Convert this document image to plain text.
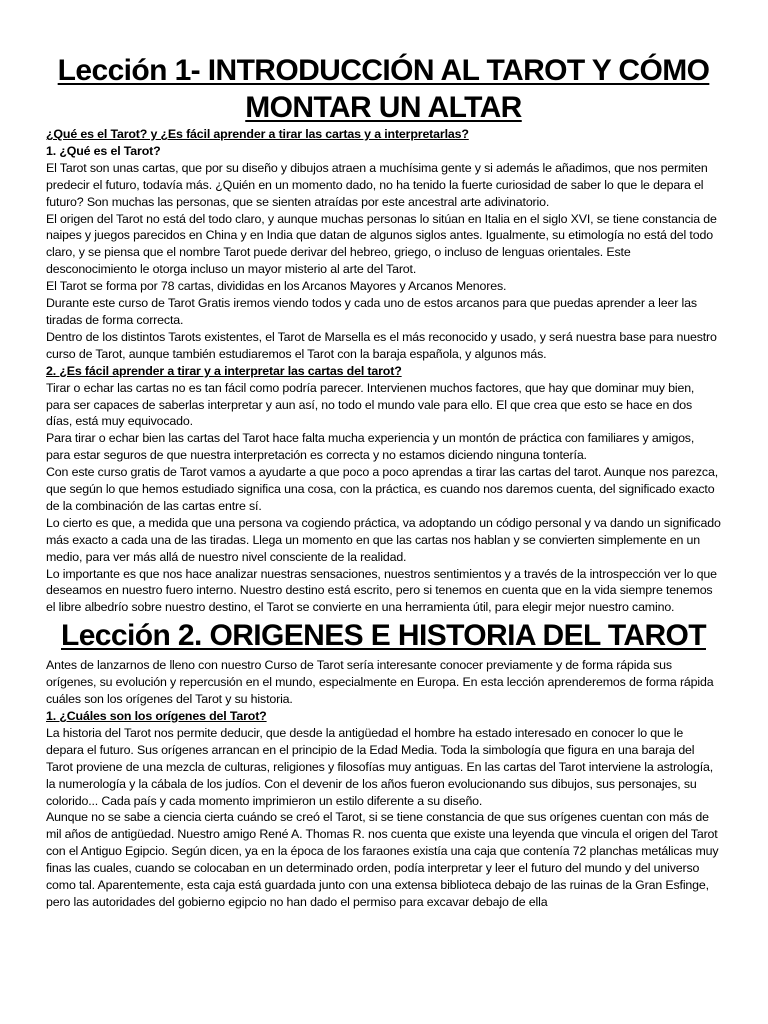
Lección 1- INTRODUCCIÓN AL TAROT Y CÓMO
MONTAR UN ALTAR

¿Qué es el Tarot? y ¿Es fácil aprender a tirar las cartas y a interpretarlas?

1. ¿Qué es el Tarot?

El Tarot son unas cartas, que por su diseño y dibujos atraen a muchísima gente y si además le añadimos, que nos permiten predecir el futuro, todavía más. ¿Quién en un momento dado, no ha tenido la fuerte curiosidad de saber lo que le depara el futuro? Son muchas las personas, que se sienten atraídas por este ancestral arte adivinatorio.

El origen del Tarot no está del todo claro, y aunque muchas personas lo sitúan en Italia en el siglo XVI, se tiene constancia de naipes y juegos parecidos en China y en India que datan de algunos siglos antes. Igualmente, su etimología no está del todo claro, y se piensa que el nombre Tarot puede derivar del hebreo, griego, o incluso de lenguas orientales. Este desconocimiento le otorga incluso un mayor misterio al arte del Tarot.

El Tarot se forma por 78 cartas, divididas en los Arcanos Mayores y Arcanos Menores.

Durante este curso de Tarot Gratis iremos viendo todos y cada uno de estos arcanos para que puedas aprender a leer las tiradas de forma correcta.

Dentro de los distintos Tarots existentes, el Tarot de Marsella es el más reconocido y usado, y será nuestra base para nuestro curso de Tarot, aunque también estudiaremos el Tarot con la baraja española, y algunos más.

2. ¿Es fácil aprender a tirar y a interpretar las cartas del tarot?

Tirar o echar las cartas no es tan fácil como podría parecer. Intervienen muchos factores, que hay que dominar muy bien, para ser capaces de saberlas interpretar y aun así, no todo el mundo vale para ello. El que crea que esto se hace en dos días, está muy equivocado.

Para tirar o echar bien las cartas del Tarot hace falta mucha experiencia y un montón de práctica con familiares y amigos, para estar seguros de que nuestra interpretación es correcta y no estamos diciendo ninguna tontería.

Con este curso gratis de Tarot vamos a ayudarte a que poco a poco aprendas a tirar las cartas del tarot. Aunque nos parezca, que según lo que hemos estudiado significa una cosa, con la práctica, es cuando nos daremos cuenta, del significado exacto de la combinación de las cartas entre sí.

Lo cierto es que, a medida que una persona va cogiendo práctica, va adoptando un código personal y va dando un significado más exacto a cada una de las tiradas. Llega un momento en que las cartas nos hablan y se convierten simplemente en un medio, para ver más allá de nuestro nivel consciente de la realidad.

Lo importante es que nos hace analizar nuestras sensaciones, nuestros sentimientos y a través de la introspección ver lo que deseamos en nuestro fuero interno. Nuestro destino está escrito, pero si tenemos en cuenta que en la vida siempre tenemos el libre albedrío sobre nuestro destino, el Tarot se convierte en una herramienta útil, para elegir mejor nuestro camino.

Lección 2. ORIGENES E HISTORIA DEL TAROT

Antes de lanzarnos de lleno con nuestro Curso de Tarot sería interesante conocer previamente y de forma rápida sus orígenes, su evolución y repercusión en el mundo, especialmente en Europa. En esta lección aprenderemos de forma rápida cuáles son los orígenes del Tarot y su historia.

1. ¿Cuáles son los orígenes del Tarot?

La historia del Tarot nos permite deducir, que desde la antigüedad el hombre ha estado interesado en conocer lo que le depara el futuro. Sus orígenes arrancan en el principio de la Edad Media. Toda la simbología que figura en una baraja del Tarot proviene de una mezcla de culturas, religiones y filosofías muy antiguas. En las cartas del Tarot interviene la astrología, la numerología y la cábala de los judíos. Con el devenir de los años fueron evolucionando sus dibujos, sus personajes, su colorido... Cada país y cada momento imprimieron un estilo diferente a su diseño.

Aunque no se sabe a ciencia cierta cuándo se creó el Tarot, si se tiene constancia de que sus orígenes cuentan con más de mil años de antigüedad. Nuestro amigo René A. Thomas R. nos cuenta que existe una leyenda que vincula el origen del Tarot con el Antiguo Egipcio. Según dicen, ya en la época de los faraones existía una caja que contenía 72 planchas metálicas muy finas las cuales, cuando se colocaban en un determinado orden, podía interpretar y leer el futuro del mundo y del universo como tal. Aparentemente, esta caja está guardada junto con una extensa biblioteca debajo de las ruinas de la Gran Esfinge, pero las autoridades del gobierno egipcio no han dado el permiso para excavar debajo de ella
